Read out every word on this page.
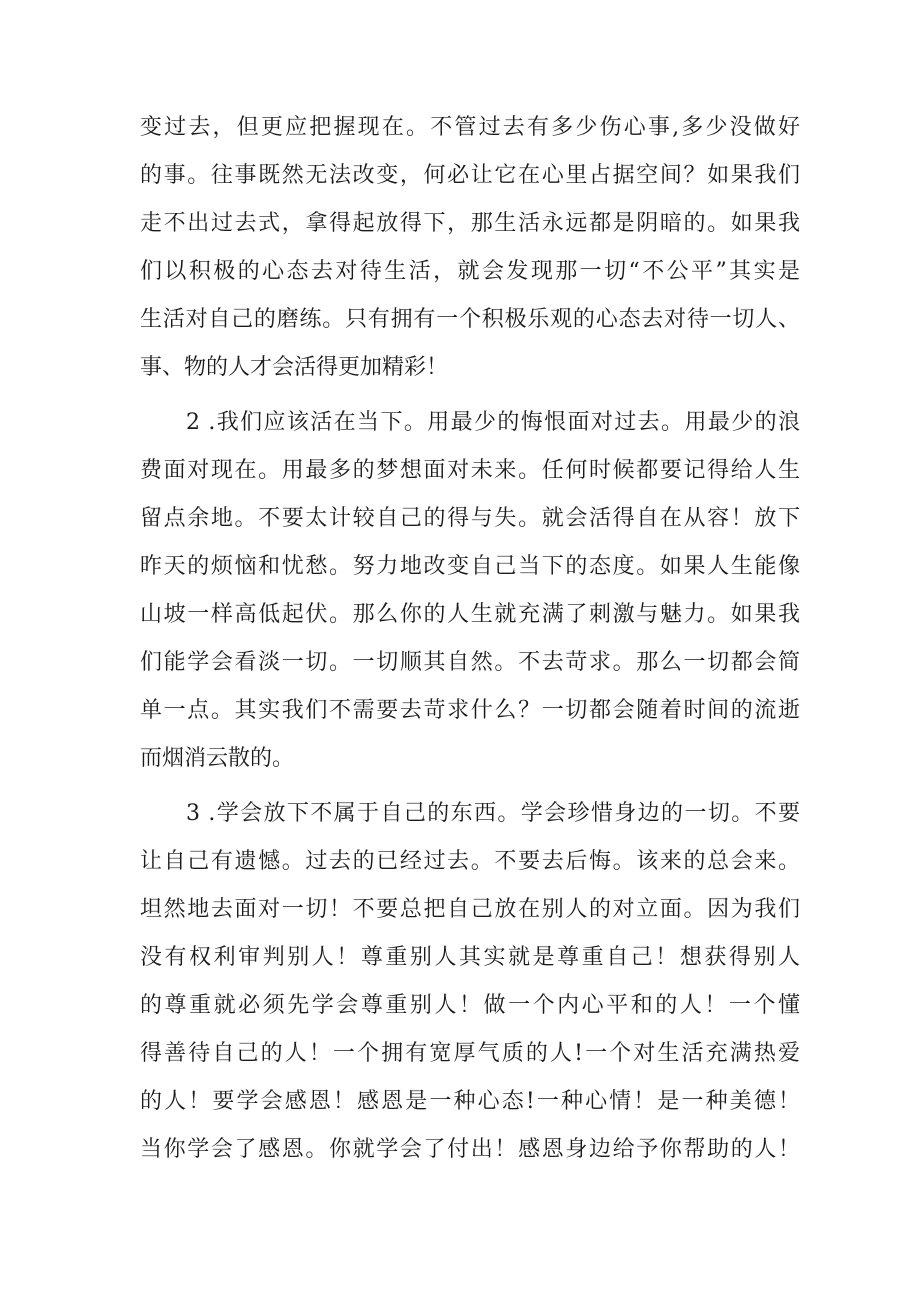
变过去，但更应把握现在。不管过去有多少伤心事,多少没做好
的事。往事既然无法改变，何必让它在心里占据空间？如果我们
走不出过去式，拿得起放得下，那生活永远都是阴暗的。如果我
们以积极的心态去对待生活，就会发现那一切“不公平”其实是
生活对自己的磨练。只有拥有一个积极乐观的心态去对待一切人、
事、物的人才会活得更加精彩！
2 .我们应该活在当下。用最少的悔恨面对过去。用最少的浪
费面对现在。用最多的梦想面对未来。任何时候都要记得给人生
留点余地。不要太计较自己的得与失。就会活得自在从容！放下
昨天的烦恼和忧愁。努力地改变自己当下的态度。如果人生能像
山坡一样高低起伏。那么你的人生就充满了刺激与魅力。如果我
们能学会看淡一切。一切顺其自然。不去苛求。那么一切都会简
单一点。其实我们不需要去苛求什么？一切都会随着时间的流逝
而烟消云散的。
3 .学会放下不属于自己的东西。学会珍惜身边的一切。不要
让自己有遗憾。过去的已经过去。不要去后悔。该来的总会来。
坦然地去面对一切！不要总把自己放在别人的对立面。因为我们
没有权利审判别人！尊重别人其实就是尊重自己！想获得别人
的尊重就必须先学会尊重别人！做一个内心平和的人！一个懂
得善待自己的人！一个拥有宽厚气质的人!一个对生活充满热爱
的人！要学会感恩！感恩是一种心态!一种心情！是一种美德！
当你学会了感恩。你就学会了付出！感恩身边给予你帮助的人！
